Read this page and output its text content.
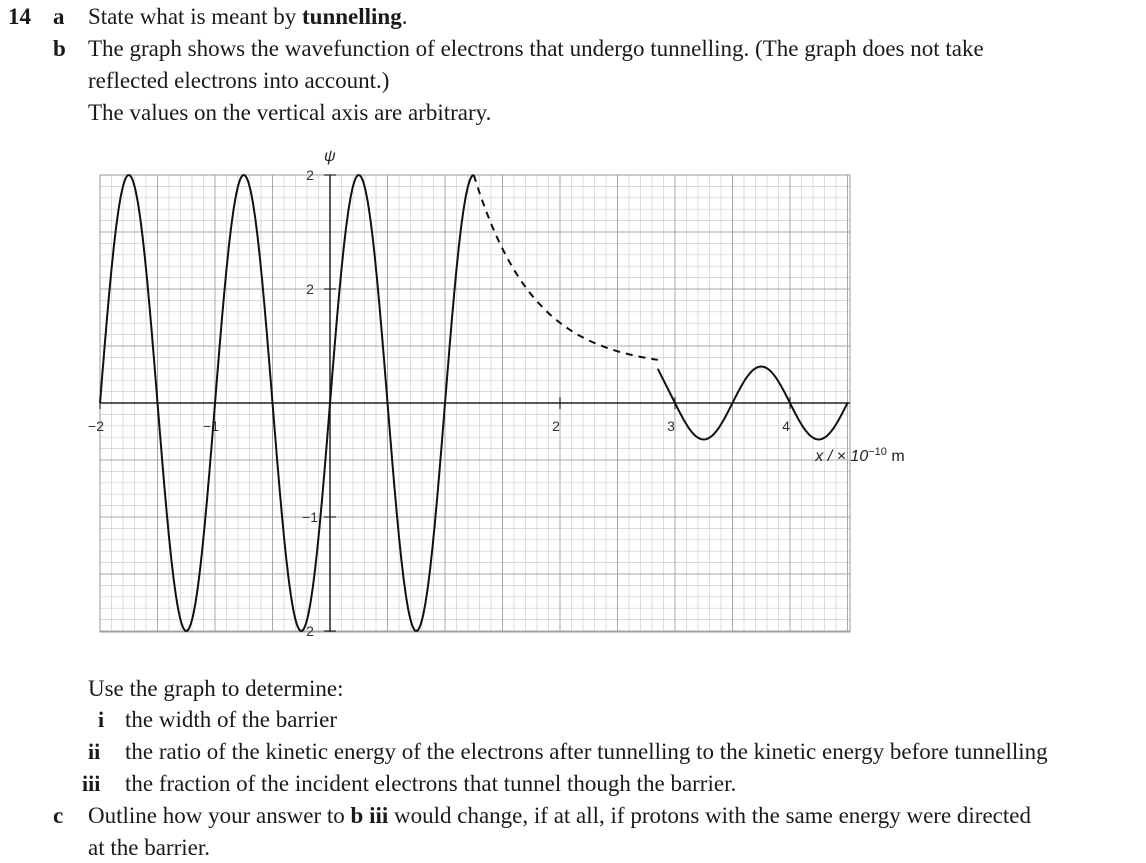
14 a State what is meant by tunnelling.
b The graph shows the wavefunction of electrons that undergo tunnelling. (The graph does not take
reflected electrons into account.)
The values on the vertical axis are arbitrary.
2
2
−1
2
−2	−1	2	3	4
ψ
x / × $10^{-10}$ m
Use the graph to determine:
i the width of the barrier
ii the ratio of the kinetic energy of the electrons after tunnelling to the kinetic energy before tunnelling
iii the fraction of the incident electrons that tunnel though the barrier.
c Outline how your answer to b iii would change, if at all, if protons with the same energy were directed
at the barrier.
